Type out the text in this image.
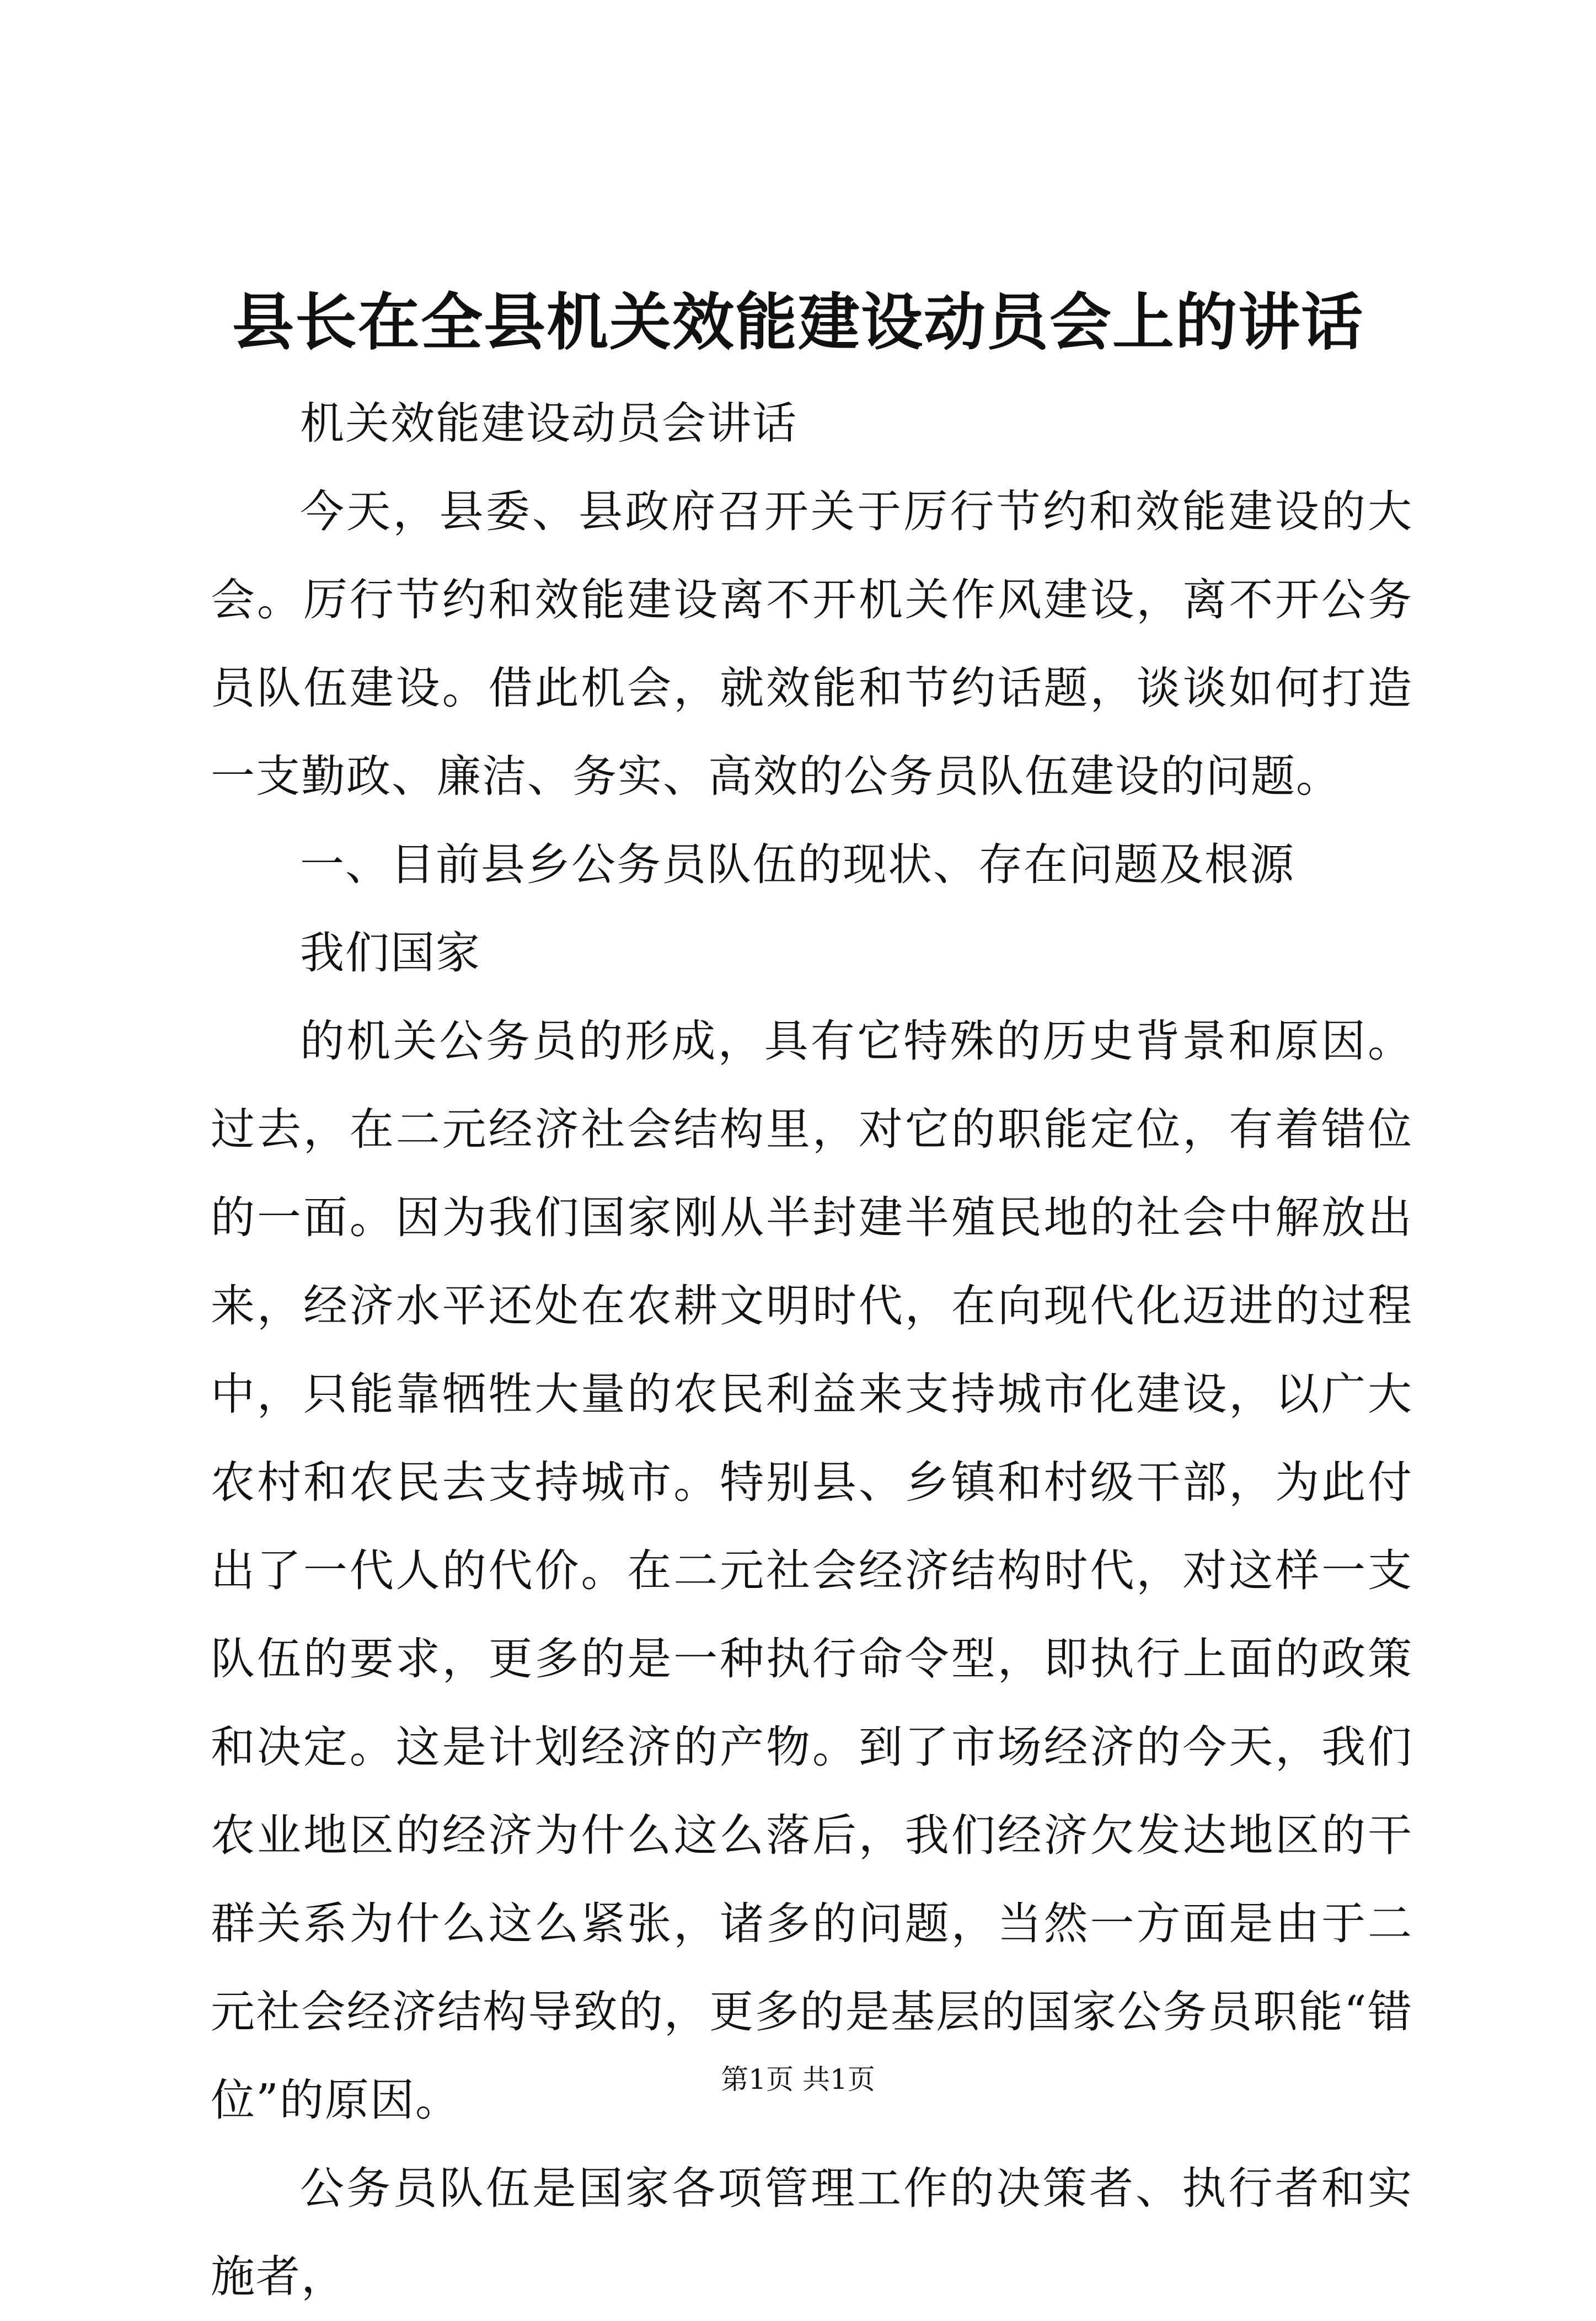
县长在全县机关效能建设动员会上的讲话

机关效能建设动员会讲话

今天，县委、县政府召开关于厉行节约和效能建设的大会。厉行节约和效能建设离不开机关作风建设，离不开公务员队伍建设。借此机会，就效能和节约话题，谈谈如何打造一支勤政、廉洁、务实、高效的公务员队伍建设的问题。

一、目前县乡公务员队伍的现状、存在问题及根源

我们国家

的机关公务员的形成，具有它特殊的历史背景和原因。过去，在二元经济社会结构里，对它的职能定位，有着错位的一面。因为我们国家刚从半封建半殖民地的社会中解放出来，经济水平还处在农耕文明时代，在向现代化迈进的过程中，只能靠牺牲大量的农民利益来支持城市化建设，以广大农村和农民去支持城市。特别县、乡镇和村级干部，为此付出了一代人的代价。在二元社会经济结构时代，对这样一支队伍的要求，更多的是一种执行命令型，即执行上面的政策和决定。这是计划经济的产物。到了市场经济的今天，我们农业地区的经济为什么这么落后，我们经济欠发达地区的干群关系为什么这么紧张，诸多的问题，当然一方面是由于二元社会经济结构导致的，更多的是基层的国家公务员职能“错位”的原因。

公务员队伍是国家各项管理工作的决策者、执行者和实施者，

第1页 共1页
